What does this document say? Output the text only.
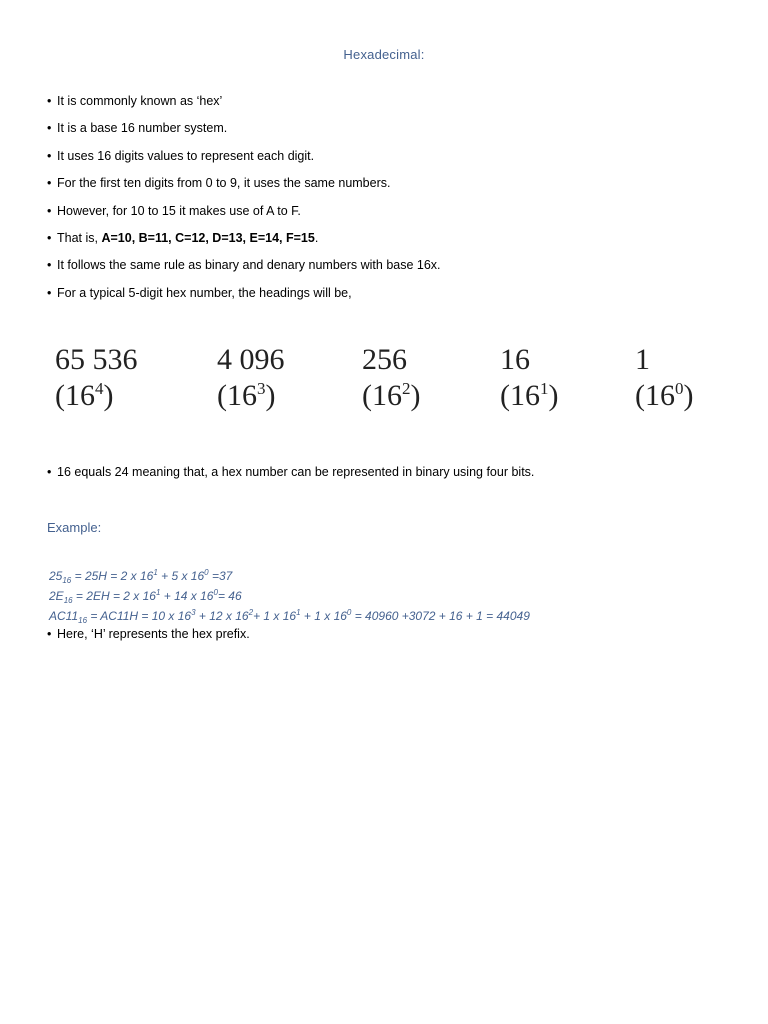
Hexadecimal:
• It is commonly known as ‘hex’
• It is a base 16 number system.
• It uses 16 digits values to represent each digit.
• For the first ten digits from 0 to 9, it uses the same numbers.
• However, for 10 to 15 it makes use of A to F.
• That is, A=10, B=11, C=12, D=13, E=14, F=15.
• It follows the same rule as binary and denary numbers with base 16x.
• For a typical 5-digit hex number, the headings will be,
65 536
$(16^4)$
4 096
$(16^3)$
256
$(16^2)$
16
$(16^1)$
1
$(16^0)$
• 16 equals 24 meaning that, a hex number can be represented in binary using four bits.
Example:
$25_{16} = 25H = 2$ x $16^1 + 5$ x $16^0 =37$
$2E_{16} = 2EH = 2$ x $16^1 + 14$ x $16^0= 46$
$AC11_{16} = AC11H = 10$ x $16^3 + 12$ x $16^2+ 1$ x $16^1 + 1$ x $16^0 = 40960 +3072 + 16 + 1 = 44049$
• Here, ‘H’ represents the hex prefix.
